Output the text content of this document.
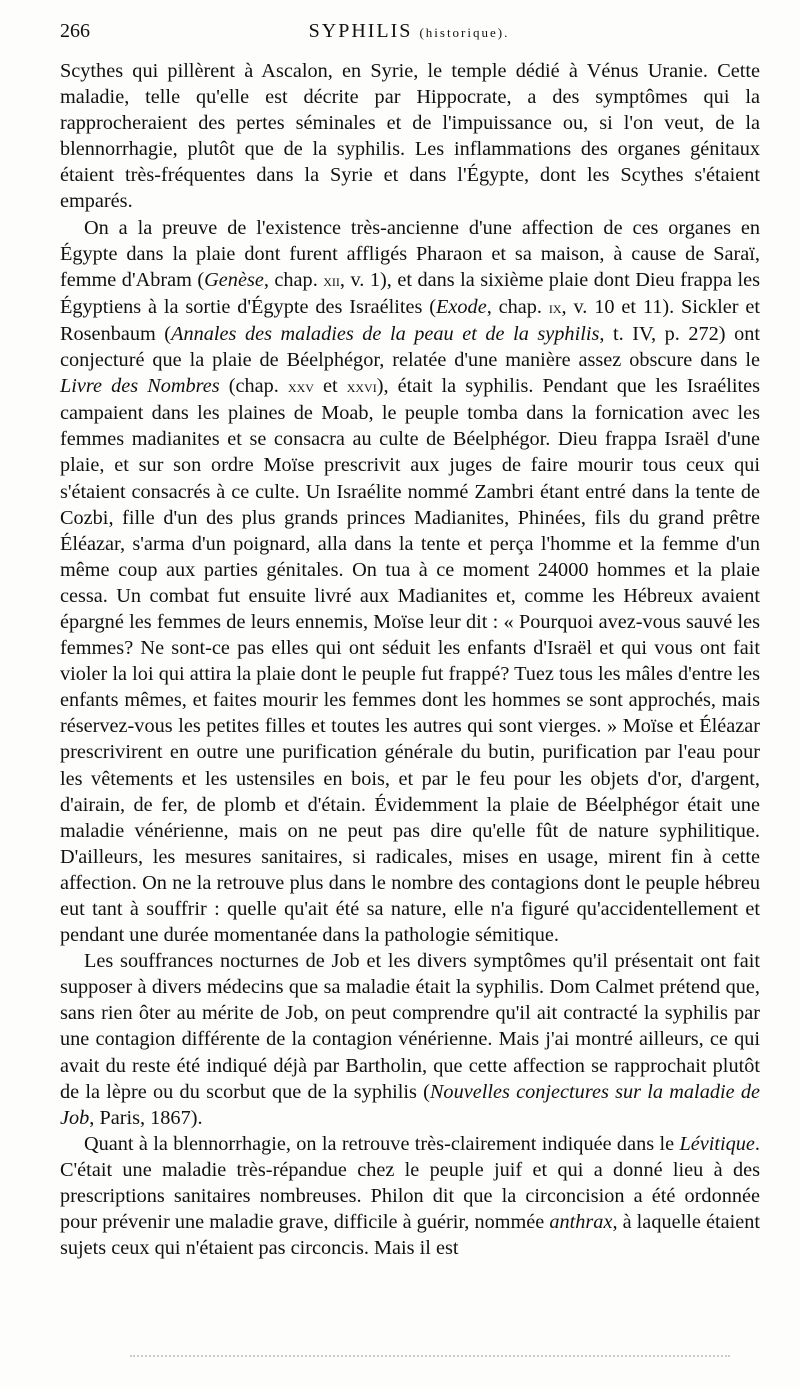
266	SYPHILIS (historique).

Scythes qui pillèrent à Ascalon, en Syrie, le temple dédié à Vénus Uranie. Cette maladie, telle qu'elle est décrite par Hippocrate, a des symptômes qui la rapprocheraient des pertes séminales et de l'impuissance ou, si l'on veut, de la blennorrhagie, plutôt que de la syphilis. Les inflammations des organes génitaux étaient très-fréquentes dans la Syrie et dans l'Égypte, dont les Scythes s'étaient emparés.

On a la preuve de l'existence très-ancienne d'une affection de ces organes en Égypte dans la plaie dont furent affligés Pharaon et sa maison, à cause de Saraï, femme d'Abram (Genèse, chap. xii, v. 1), et dans la sixième plaie dont Dieu frappa les Égyptiens à la sortie d'Égypte des Israélites (Exode, chap. ix, v. 10 et 11). Sickler et Rosenbaum (Annales des maladies de la peau et de la syphilis, t. IV, p. 272) ont conjecturé que la plaie de Béelphégor, relatée d'une manière assez obscure dans le Livre des Nombres (chap. xxv et xxvi), était la syphilis. Pendant que les Israélites campaient dans les plaines de Moab, le peuple tomba dans la fornication avec les femmes madianites et se consacra au culte de Béelphégor. Dieu frappa Israël d'une plaie, et sur son ordre Moïse prescrivit aux juges de faire mourir tous ceux qui s'étaient consacrés à ce culte. Un Israélite nommé Zambri étant entré dans la tente de Cozbi, fille d'un des plus grands princes Madianites, Phinées, fils du grand prêtre Éléazar, s'arma d'un poignard, alla dans la tente et perça l'homme et la femme d'un même coup aux parties génitales. On tua à ce moment 24000 hommes et la plaie cessa. Un combat fut ensuite livré aux Madianites et, comme les Hébreux avaient épargné les femmes de leurs ennemis, Moïse leur dit : « Pourquoi avez-vous sauvé les femmes? Ne sont-ce pas elles qui ont séduit les enfants d'Israël et qui vous ont fait violer la loi qui attira la plaie dont le peuple fut frappé? Tuez tous les mâles d'entre les enfants mêmes, et faites mourir les femmes dont les hommes se sont approchés, mais réservez-vous les petites filles et toutes les autres qui sont vierges. » Moïse et Éléazar prescrivirent en outre une purification générale du butin, purification par l'eau pour les vêtements et les ustensiles en bois, et par le feu pour les objets d'or, d'argent, d'airain, de fer, de plomb et d'étain. Évidemment la plaie de Béelphégor était une maladie vénérienne, mais on ne peut pas dire qu'elle fût de nature syphilitique. D'ailleurs, les mesures sanitaires, si radicales, mises en usage, mirent fin à cette affection. On ne la retrouve plus dans le nombre des contagions dont le peuple hébreu eut tant à souffrir : quelle qu'ait été sa nature, elle n'a figuré qu'accidentellement et pendant une durée momentanée dans la pathologie sémitique.

Les souffrances nocturnes de Job et les divers symptômes qu'il présentait ont fait supposer à divers médecins que sa maladie était la syphilis. Dom Calmet prétend que, sans rien ôter au mérite de Job, on peut comprendre qu'il ait contracté la syphilis par une contagion différente de la contagion vénérienne. Mais j'ai montré ailleurs, ce qui avait du reste été indiqué déjà par Bartholin, que cette affection se rapprochait plutôt de la lèpre ou du scorbut que de la syphilis (Nouvelles conjectures sur la maladie de Job, Paris, 1867).

Quant à la blennorrhagie, on la retrouve très-clairement indiquée dans le Lévitique. C'était une maladie très-répandue chez le peuple juif et qui a donné lieu à des prescriptions sanitaires nombreuses. Philon dit que la circoncision a été ordonnée pour prévenir une maladie grave, difficile à guérir, nommée anthrax, à laquelle étaient sujets ceux qui n'étaient pas circoncis. Mais il est
